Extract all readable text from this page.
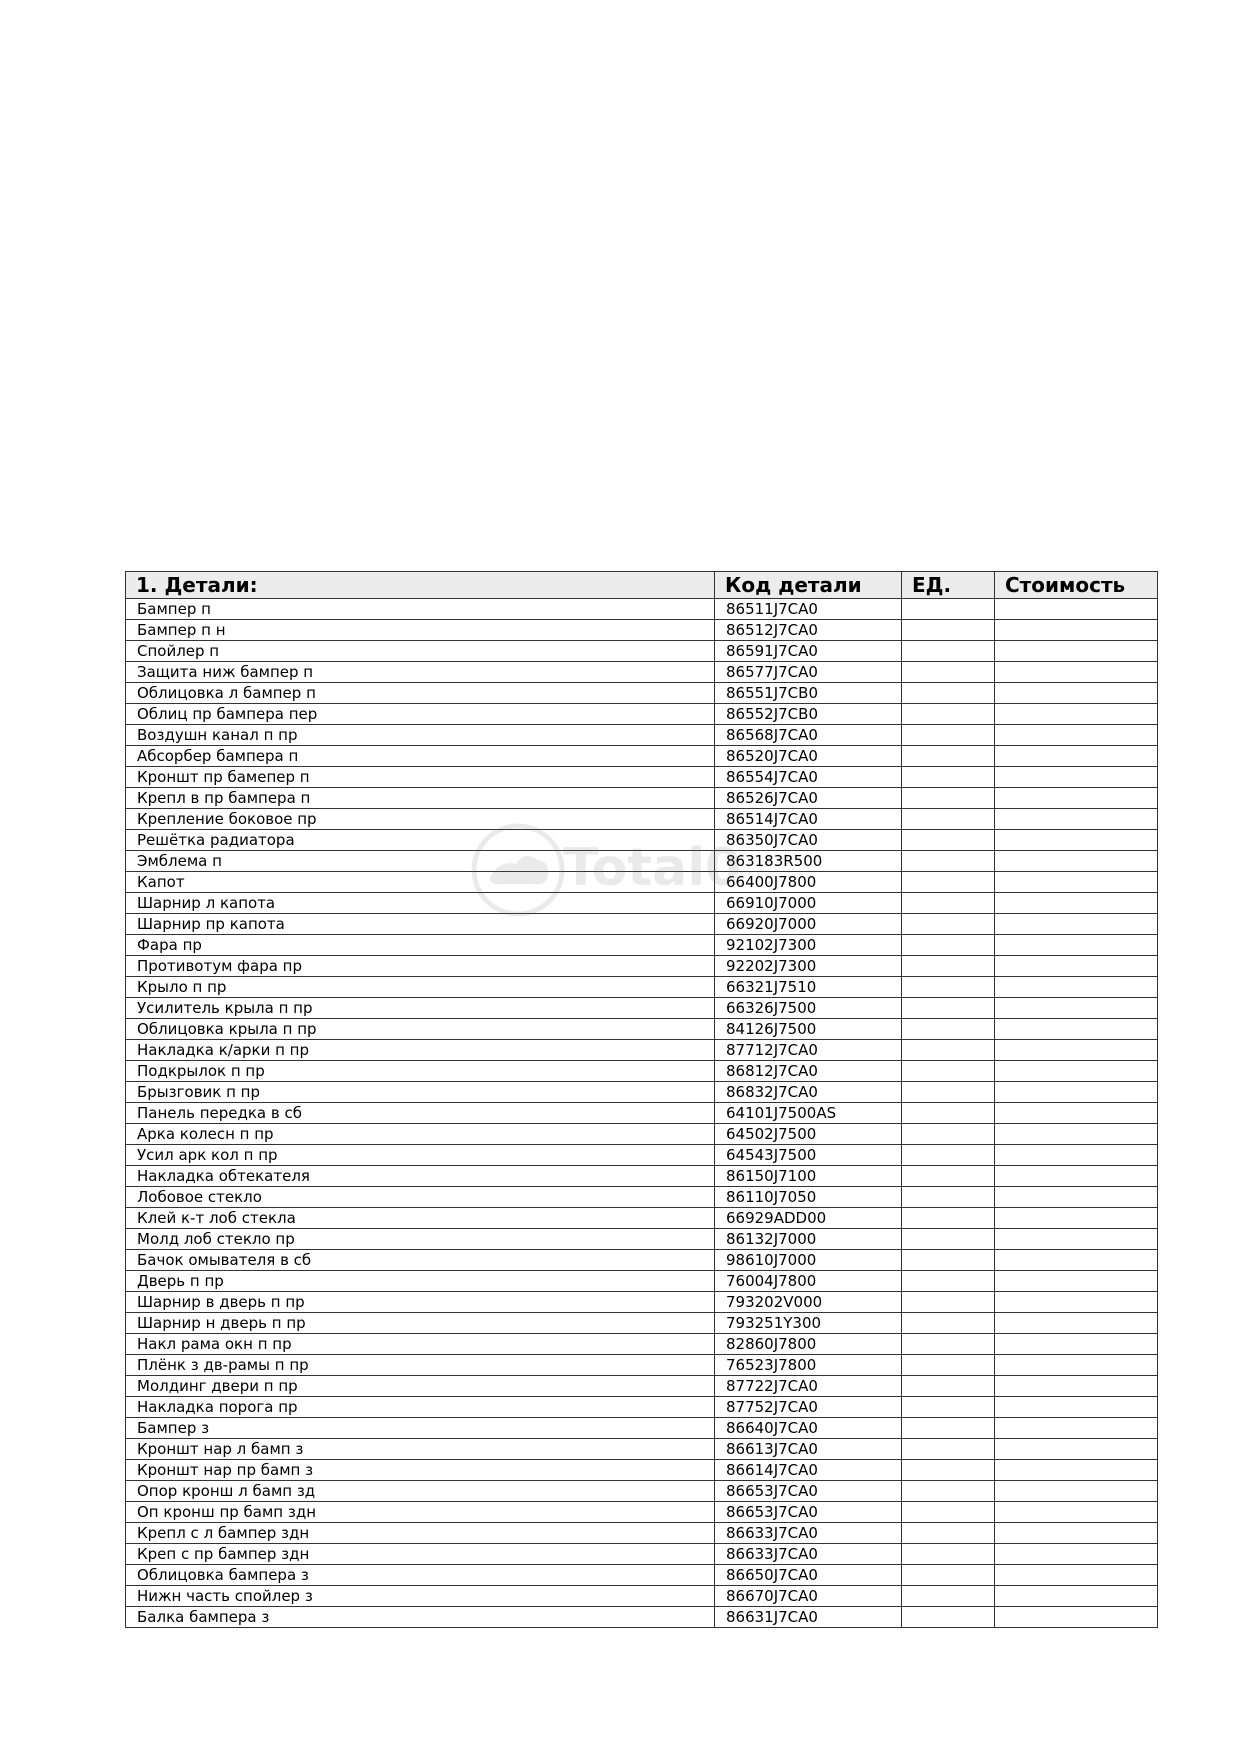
1. Детали:	Код детали	ЕД.	Стоимость
Бампер п	86511J7CA0		
Бампер п н	86512J7CA0		
Спойлер п	86591J7CA0		
Защита ниж бампер п	86577J7CA0		
Облицовка л бампер п	86551J7CB0		
Облиц пр бампера пер	86552J7CB0		
Воздушн канал п пр	86568J7CA0		
Абсорбер бампера п	86520J7CA0		
Кроншт пр бамепер п	86554J7CA0		
Крепл в пр бампера п	86526J7CA0		
Крепление боковое пр	86514J7CA0		
Решётка радиатора	86350J7CA0		
Эмблема п	863183R500		
Капот	66400J7800		
Шарнир л капота	66910J7000		
Шарнир пр капота	66920J7000		
Фара пр	92102J7300		
Противотум фара пр	92202J7300		
Крыло п пр	66321J7510		
Усилитель крыла п пр	66326J7500		
Облицовка крыла п пр	84126J7500		
Накладка к/арки п пр	87712J7CA0		
Подкрылок п пр	86812J7CA0		
Брызговик п пр	86832J7CA0		
Панель передка в сб	64101J7500AS		
Арка колесн п пр	64502J7500		
Усил арк кол п пр	64543J7500		
Накладка обтекателя	86150J7100		
Лобовое стекло	86110J7050		
Клей к-т лоб стекла	66929ADD00		
Молд лоб стекло пр	86132J7000		
Бачок омывателя в сб	98610J7000		
Дверь п пр	76004J7800		
Шарнир в дверь п пр	793202V000		
Шарнир н дверь п пр	793251Y300		
Накл рама окн п пр	82860J7800		
Плёнк з дв-рамы п пр	76523J7800		
Молдинг двери п пр	87722J7CA0		
Накладка порога пр	87752J7CA0		
Бампер з	86640J7CA0		
Кроншт нар л бамп з	86613J7CA0		
Кроншт нар пр бамп з	86614J7CA0		
Опор кронш л бамп зд	86653J7CA0		
Оп кронш пр бамп здн	86653J7CA0		
Крепл с л бампер здн	86633J7CA0		
Креп с пр бампер здн	86633J7CA0		
Облицовка бампера з	86650J7CA0		
Нижн часть спойлер з	86670J7CA0		
Балка бампера з	86631J7CA0		
Total0
